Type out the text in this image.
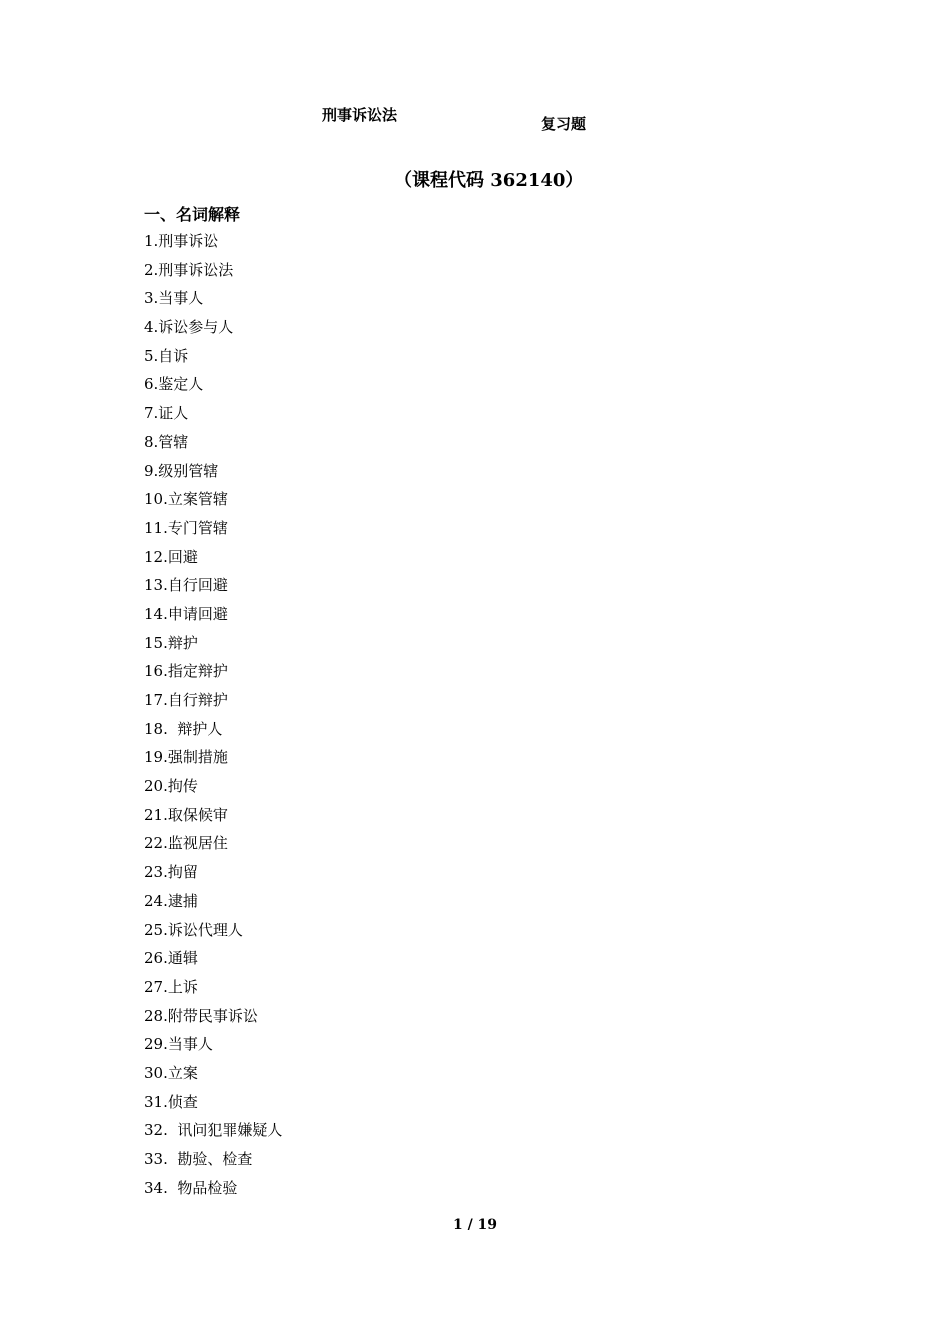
刑事诉讼法	复习题
（课程代码 362140）
一、名词解释
1.刑事诉讼
2.刑事诉讼法
3.当事人
4.诉讼参与人
5.自诉
6.鉴定人
7.证人
8.管辖
9.级别管辖
10.立案管辖
11.专门管辖
12.回避
13.自行回避
14.申请回避
15.辩护
16.指定辩护
17.自行辩护
18.  辩护人
19.强制措施
20.拘传
21.取保候审
22.监视居住
23.拘留
24.逮捕
25.诉讼代理人
26.通辑
27.上诉
28.附带民事诉讼
29.当事人
30.立案
31.侦查
32.  讯问犯罪嫌疑人
33.  勘验、检查
34.  物品检验
1 / 19
